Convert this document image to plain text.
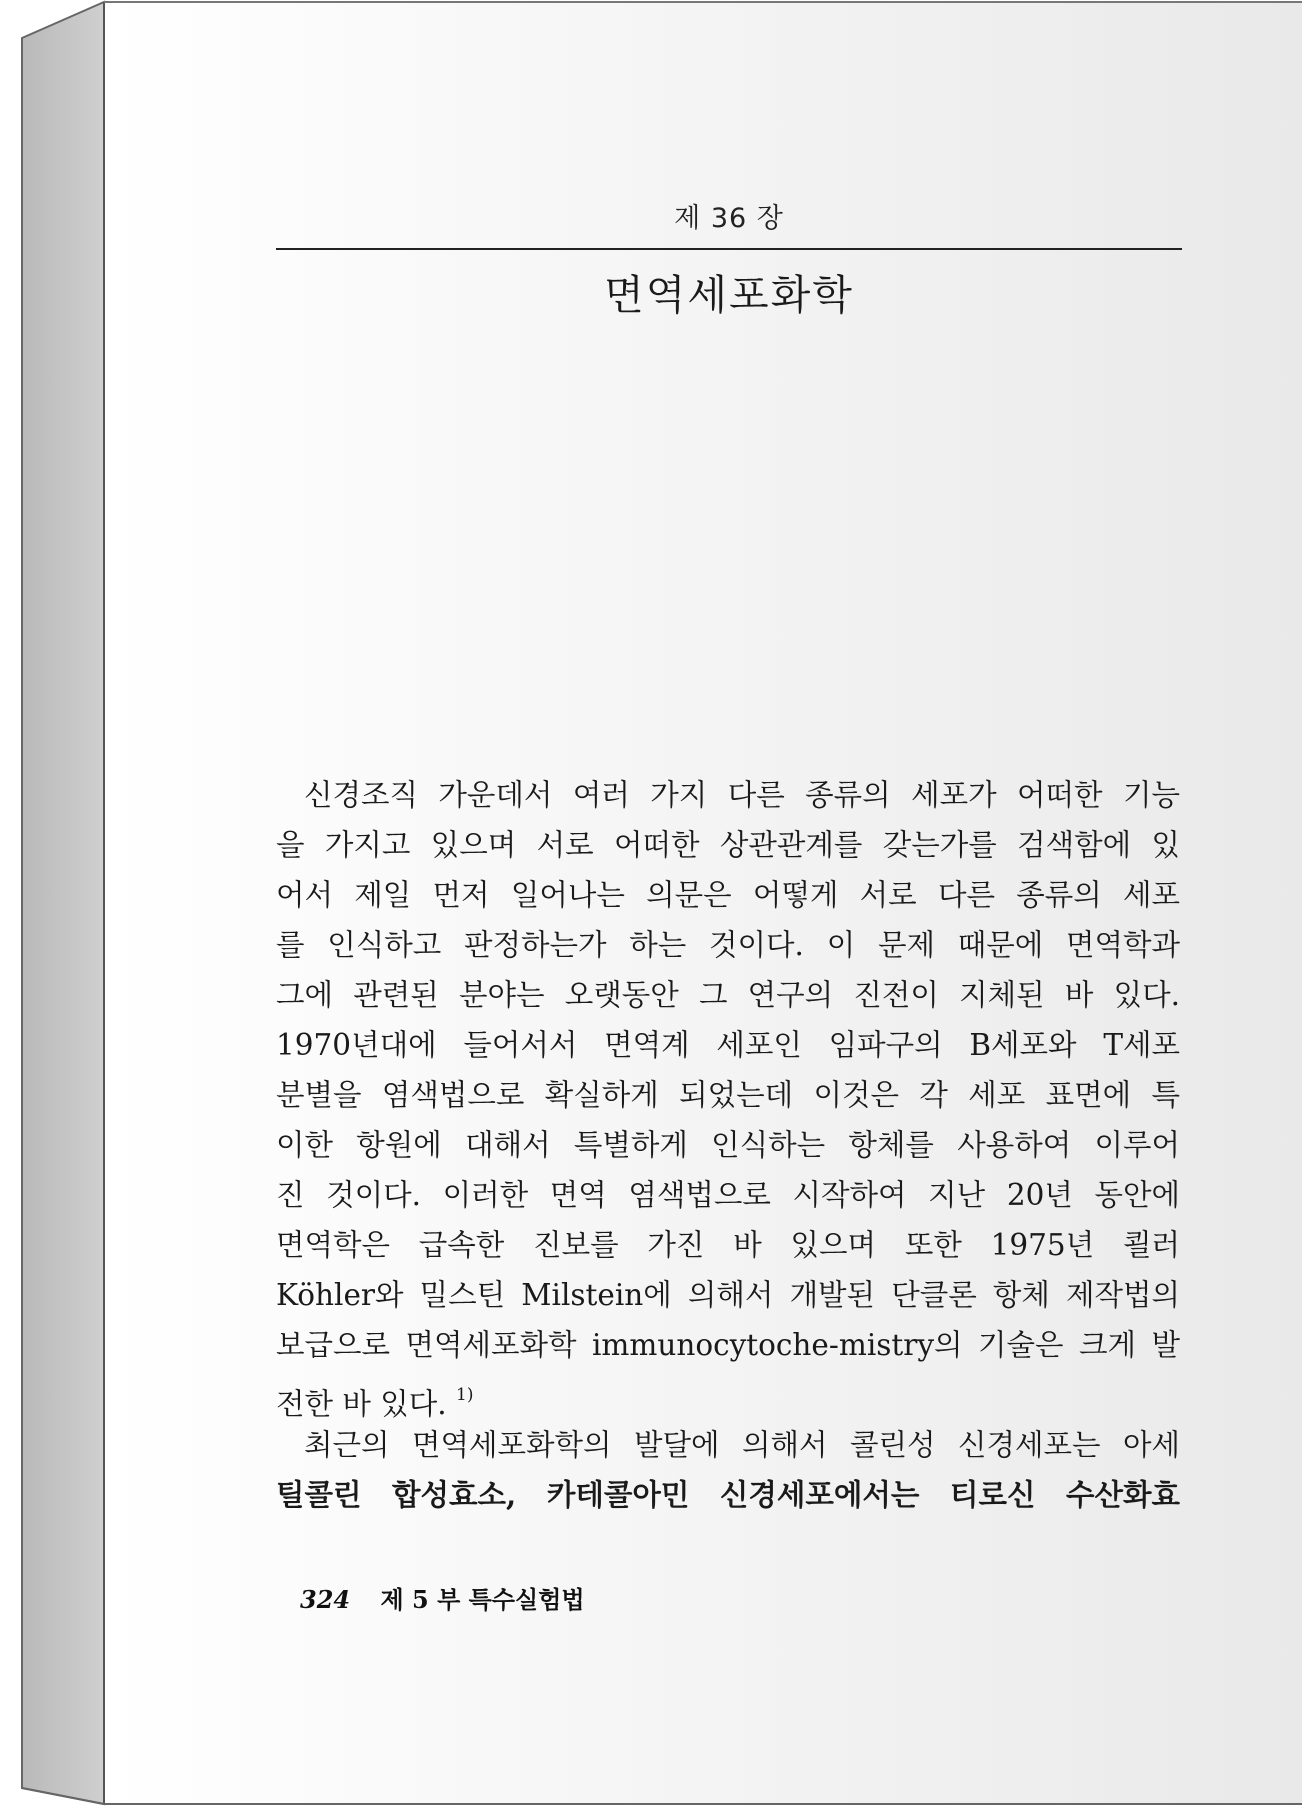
제 36 장
면역세포화학
신경조직 가운데서 여러 가지 다른 종류의 세포가 어떠한 기능
을 가지고 있으며 서로 어떠한 상관관계를 갖는가를 검색함에 있
어서 제일 먼저 일어나는 의문은 어떻게 서로 다른 종류의 세포
를 인식하고 판정하는가 하는 것이다. 이 문제 때문에 면역학과
그에 관련된 분야는 오랫동안 그 연구의 진전이 지체된 바 있다.
1970년대에 들어서서 면역계 세포인 임파구의 B세포와 T세포
분별을 염색법으로 확실하게 되었는데 이것은 각 세포 표면에 특
이한 항원에 대해서 특별하게 인식하는 항체를 사용하여 이루어
진 것이다. 이러한 면역 염색법으로 시작하여 지난 20년 동안에
면역학은 급속한 진보를 가진 바 있으며 또한 1975년 쾰러
Köhler와 밀스틴 Milstein에 의해서 개발된 단클론 항체 제작법의
보급으로 면역세포화학 immunocytoche-mistry의 기술은 크게 발
전한 바 있다. $^{1)}$
최근의 면역세포화학의 발달에 의해서 콜린성 신경세포는 아세
틸콜린 합성효소, 카테콜아민 신경세포에서는 티로신 수산화효
324 제 5 부 특수실험법
